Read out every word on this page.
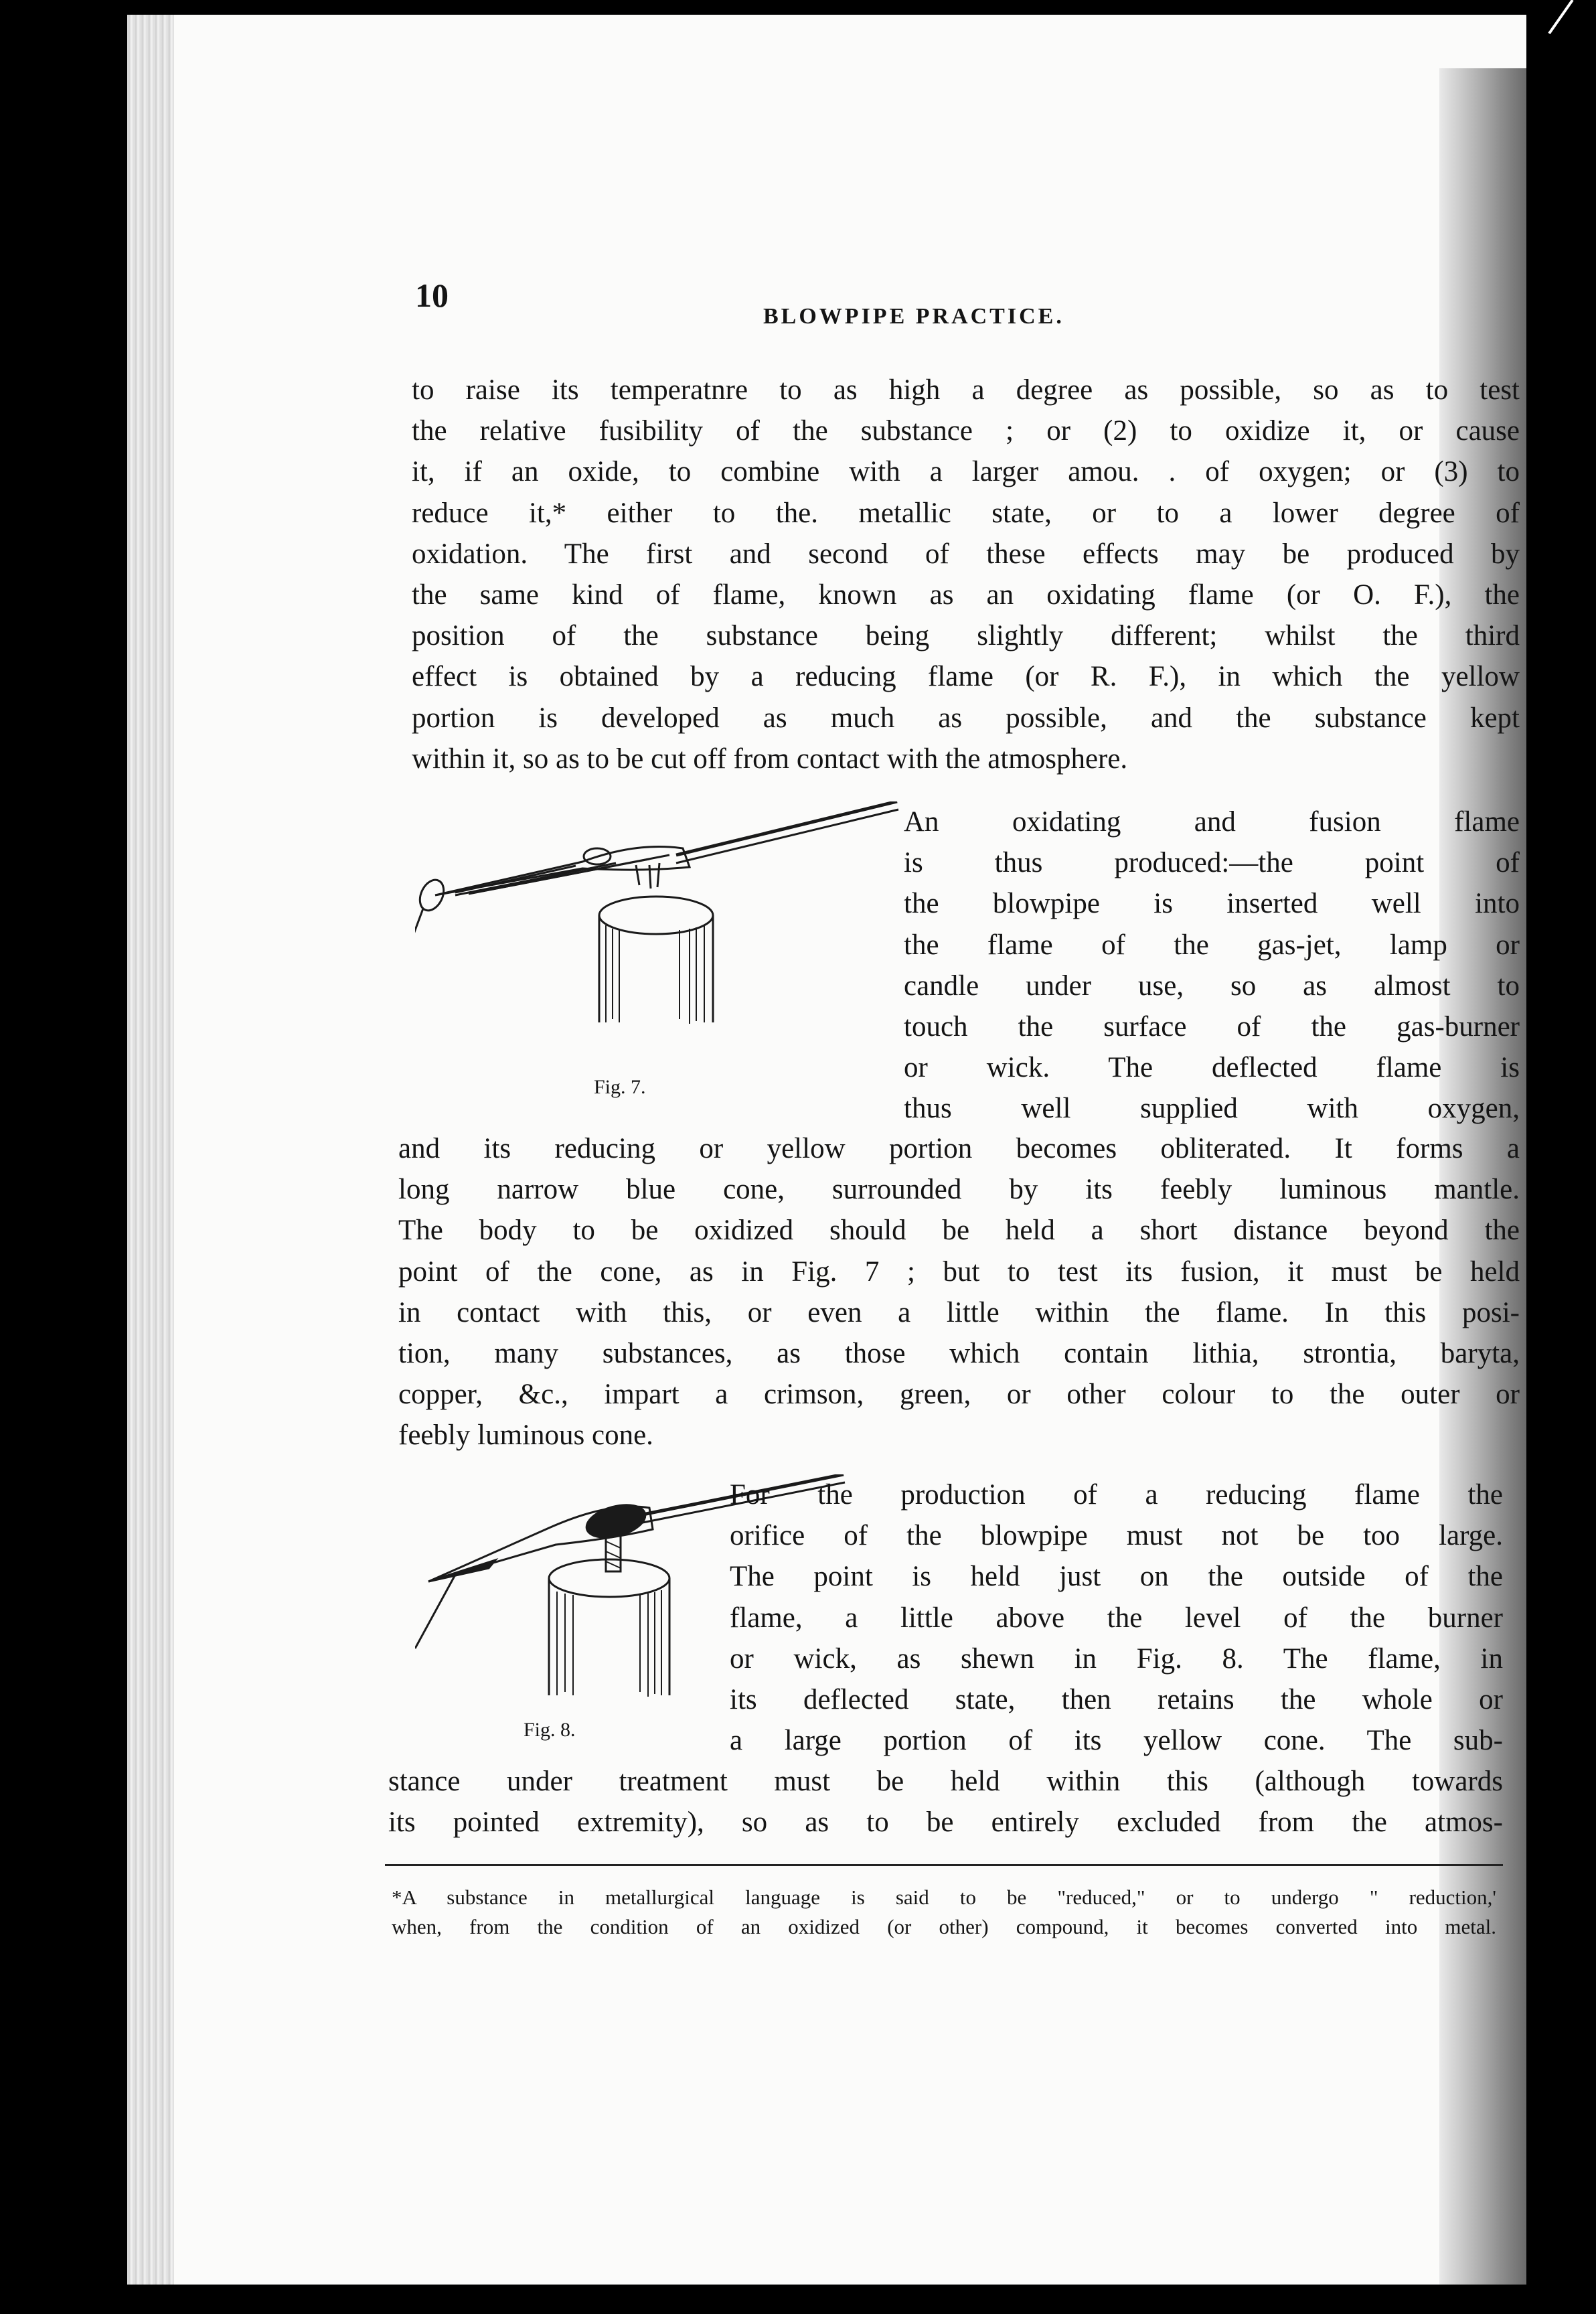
10
BLOWPIPE PRACTICE.
to raise its temperatnre to as high a degree as possible, so as to test
the relative fusibility of the substance ; or (2) to oxidize it, or cause
it, if an oxide, to combine with a larger amou. . of oxygen; or (3) to
reduce it,* either to the. metallic state, or to a lower degree of
oxidation. The first and second of these effects may be produced by
the same kind of flame, known as an oxidating flame (or O. F.), the
position of the substance being slightly different; whilst the third
effect is obtained by a reducing flame (or R. F.), in which the yellow
portion is developed as much as possible, and the substance kept
within it, so as to be cut off from contact with the atmosphere.
Fig. 7.
An oxidating and fusion flame
is thus produced:—the point of
the blowpipe is inserted well into
the flame of the gas-jet, lamp or
candle under use, so as almost to
touch the surface of the gas-burner
or wick. The deflected flame is
thus well supplied with oxygen,
and its reducing or yellow portion becomes obliterated. It forms a
long narrow blue cone, surrounded by its feebly luminous mantle.
The body to be oxidized should be held a short distance beyond the
point of the cone, as in Fig. 7 ; but to test its fusion, it must be held
in contact with this, or even a little within the flame. In this posi-
tion, many substances, as those which contain lithia, strontia, baryta,
copper, &c., impart a crimson, green, or other colour to the outer or
feebly luminous cone.
Fig. 8.
For the production of a reducing flame the
orifice of the blowpipe must not be too large.
The point is held just on the outside of the
flame, a little above the level of the burner
or wick, as shewn in Fig. 8. The flame, in
its deflected state, then retains the whole or
a large portion of its yellow cone. The sub-
stance under treatment must be held within this (although towards
its pointed extremity), so as to be entirely excluded from the atmos-
*A substance in metallurgical language is said to be "reduced," or to undergo " reduction,'
when, from the condition of an oxidized (or other) compound, it becomes converted into metal.
